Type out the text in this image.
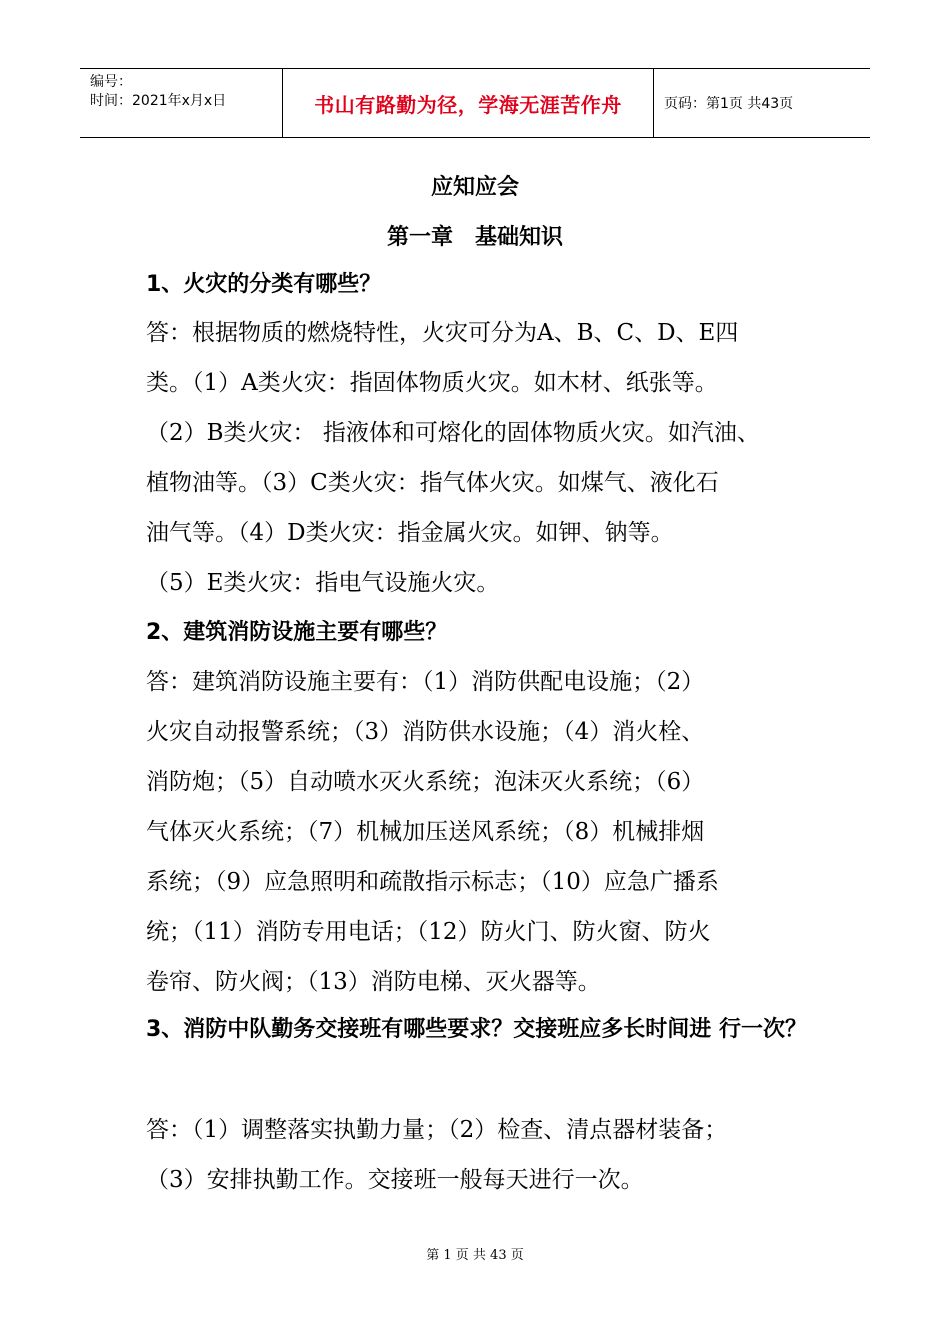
编号：
时间：2021年x月x日	书山有路勤为径，学海无涯苦作舟	页码：第1页 共43页
应知应会
第一章　基础知识
1、火灾的分类有哪些？
答：根据物质的燃烧特性，火灾可分为A、B、C、D、E四
类。（1）A类火灾：指固体物质火灾。如木材、纸张等。
（2）B类火灾： 指液体和可熔化的固体物质火灾。如汽油、
植物油等。（3）C类火灾：指气体火灾。如煤气、液化石
油气等。（4）D类火灾：指金属火灾。如钾、钠等。
（5）E类火灾：指电气设施火灾。
2、建筑消防设施主要有哪些？
答：建筑消防设施主要有：（1）消防供配电设施；（2）
火灾自动报警系统；（3）消防供水设施；（4）消火栓、
消防炮；（5）自动喷水灭火系统；泡沫灭火系统；（6）
气体灭火系统；（7）机械加压送风系统；（8）机械排烟
系统；（9）应急照明和疏散指示标志；（10）应急广播系
统；（11）消防专用电话；（12）防火门、防火窗、防火
卷帘、防火阀；（13）消防电梯、灭火器等。
3、消防中队勤务交接班有哪些要求？交接班应多长时间进 行一次？
答：（1）调整落实执勤力量；（2）检查、清点器材装备；
（3）安排执勤工作。交接班一般每天进行一次。
第 1 页 共 43 页
